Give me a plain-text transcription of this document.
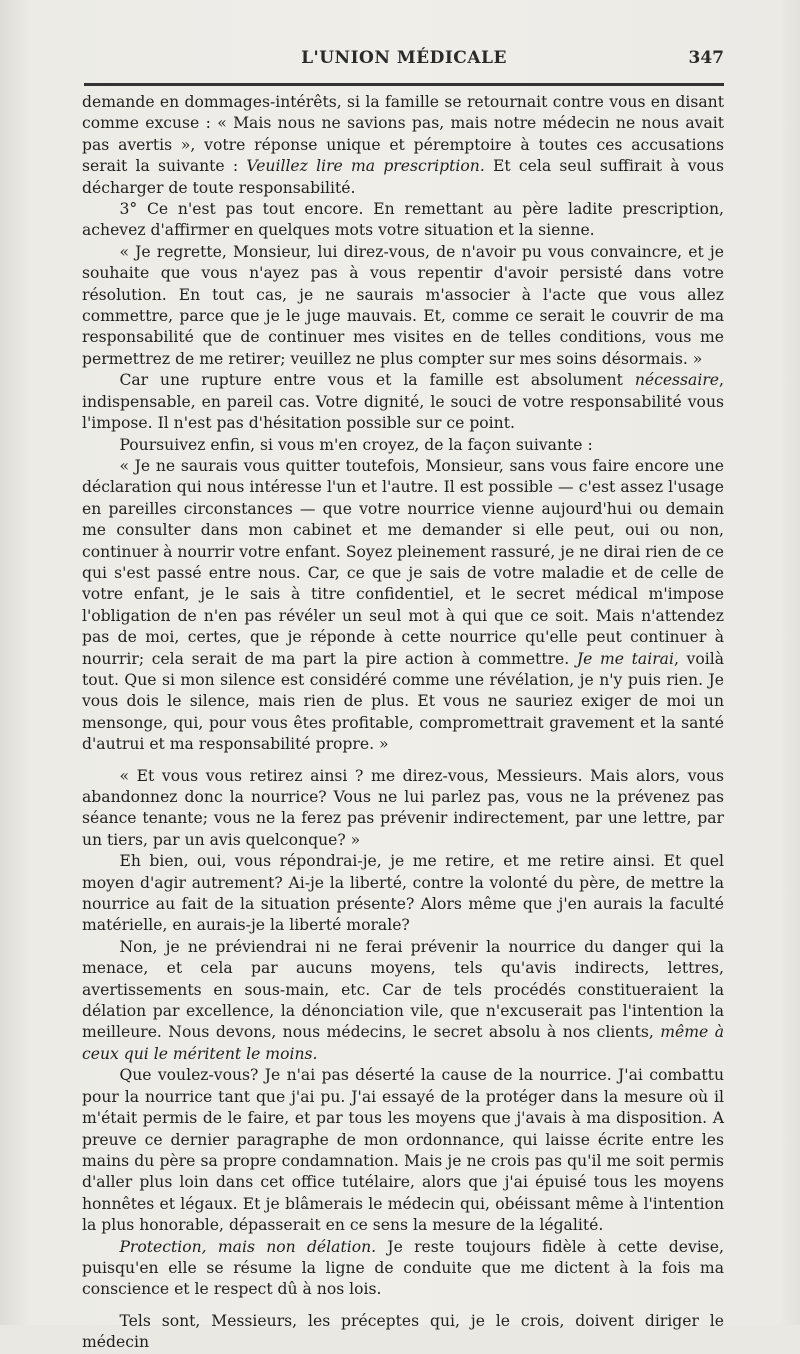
L'UNION MÉDICALE	347

demande en dommages-intérêts, si la famille se retournait contre vous en disant comme excuse : « Mais nous ne savions pas, mais notre médecin ne nous avait pas avertis », votre réponse unique et péremptoire à toutes ces accusations serait la suivante : Veuillez lire ma prescription. Et cela seul suffirait à vous décharger de toute responsabilité.

3° Ce n'est pas tout encore. En remettant au père ladite prescription, achevez d'affirmer en quelques mots votre situation et la sienne.

« Je regrette, Monsieur, lui direz-vous, de n'avoir pu vous convaincre, et je souhaite que vous n'ayez pas à vous repentir d'avoir persisté dans votre résolution. En tout cas, je ne saurais m'associer à l'acte que vous allez commettre, parce que je le juge mauvais. Et, comme ce serait le couvrir de ma responsabilité que de continuer mes visites en de telles conditions, vous me permettrez de me retirer; veuillez ne plus compter sur mes soins désormais. »

Car une rupture entre vous et la famille est absolument nécessaire, indispensable, en pareil cas. Votre dignité, le souci de votre responsabilité vous l'impose. Il n'est pas d'hésitation possible sur ce point.

Poursuivez enfin, si vous m'en croyez, de la façon suivante :

« Je ne saurais vous quitter toutefois, Monsieur, sans vous faire encore une déclaration qui nous intéresse l'un et l'autre. Il est possible — c'est assez l'usage en pareilles circonstances — que votre nourrice vienne aujourd'hui ou demain me consulter dans mon cabinet et me demander si elle peut, oui ou non, continuer à nourrir votre enfant. Soyez pleinement rassuré, je ne dirai rien de ce qui s'est passé entre nous. Car, ce que je sais de votre maladie et de celle de votre enfant, je le sais à titre confidentiel, et le secret médical m'impose l'obligation de n'en pas révéler un seul mot à qui que ce soit. Mais n'attendez pas de moi, certes, que je réponde à cette nourrice qu'elle peut continuer à nourrir; cela serait de ma part la pire action à commettre. Je me tairai, voilà tout. Que si mon silence est considéré comme une révélation, je n'y puis rien. Je vous dois le silence, mais rien de plus. Et vous ne sauriez exiger de moi un mensonge, qui, pour vous êtes profitable, compromettrait gravement et la santé d'autrui et ma responsabilité propre. »

« Et vous vous retirez ainsi ? me direz-vous, Messieurs. Mais alors, vous abandonnez donc la nourrice? Vous ne lui parlez pas, vous ne la prévenez pas séance tenante; vous ne la ferez pas prévenir indirectement, par une lettre, par un tiers, par un avis quelconque? »

Eh bien, oui, vous répondrai-je, je me retire, et me retire ainsi. Et quel moyen d'agir autrement? Ai-je la liberté, contre la volonté du père, de mettre la nourrice au fait de la situation présente? Alors même que j'en aurais la faculté matérielle, en aurais-je la liberté morale?

Non, je ne préviendrai ni ne ferai prévenir la nourrice du danger qui la menace, et cela par aucuns moyens, tels qu'avis indirects, lettres, avertissements en sous-main, etc. Car de tels procédés constitueraient la délation par excellence, la dénonciation vile, que n'excuserait pas l'intention la meilleure. Nous devons, nous médecins, le secret absolu à nos clients, même à ceux qui le méritent le moins.

Que voulez-vous? Je n'ai pas déserté la cause de la nourrice. J'ai combattu pour la nourrice tant que j'ai pu. J'ai essayé de la protéger dans la mesure où il m'était permis de le faire, et par tous les moyens que j'avais à ma disposition. A preuve ce dernier paragraphe de mon ordonnance, qui laisse écrite entre les mains du père sa propre condamnation. Mais je ne crois pas qu'il me soit permis d'aller plus loin dans cet office tutélaire, alors que j'ai épuisé tous les moyens honnêtes et légaux. Et je blâmerais le médecin qui, obéissant même à l'intention la plus honorable, dépasserait en ce sens la mesure de la légalité.

Protection, mais non délation. Je reste toujours fidèle à cette devise, puisqu'en elle se résume la ligne de conduite que me dictent à la fois ma conscience et le respect dû à nos lois.

Tels sont, Messieurs, les préceptes qui, je le crois, doivent diriger le médecin
